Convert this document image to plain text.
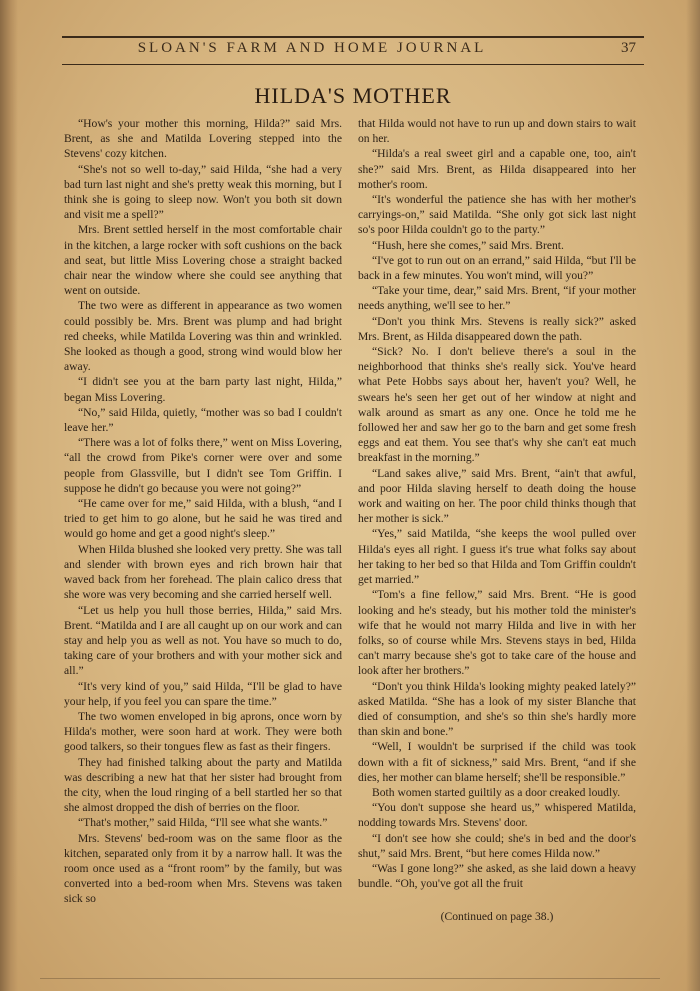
SLOAN'S FARM AND HOME JOURNAL	37
HILDA'S MOTHER

“How's your mother this morning, Hilda?” said Mrs. Brent, as she and Matilda Lovering stepped into the Stevens' cozy kitchen.

“She's not so well to-day,” said Hilda, “she had a very bad turn last night and she's pretty weak this morning, but I think she is going to sleep now. Won't you both sit down and visit me a spell?”

Mrs. Brent settled herself in the most comfortable chair in the kitchen, a large rocker with soft cushions on the back and seat, but little Miss Lovering chose a straight backed chair near the window where she could see anything that went on outside.

The two were as different in appearance as two women could possibly be. Mrs. Brent was plump and had bright red cheeks, while Matilda Lovering was thin and wrinkled. She looked as though a good, strong wind would blow her away.

“I didn't see you at the barn party last night, Hilda,” began Miss Lovering.

“No,” said Hilda, quietly, “mother was so bad I couldn't leave her.”

“There was a lot of folks there,” went on Miss Lovering, “all the crowd from Pike's corner were over and some people from Glassville, but I didn't see Tom Griffin. I suppose he didn't go because you were not going?”

“He came over for me,” said Hilda, with a blush, “and I tried to get him to go alone, but he said he was tired and would go home and get a good night's sleep.”

When Hilda blushed she looked very pretty. She was tall and slender with brown eyes and rich brown hair that waved back from her forehead. The plain calico dress that she wore was very becoming and she carried herself well.

“Let us help you hull those berries, Hilda,” said Mrs. Brent. “Matilda and I are all caught up on our work and can stay and help you as well as not. You have so much to do, taking care of your brothers and with your mother sick and all.”

“It's very kind of you,” said Hilda, “I'll be glad to have your help, if you feel you can spare the time.”

The two women enveloped in big aprons, once worn by Hilda's mother, were soon hard at work. They were both good talkers, so their tongues flew as fast as their fingers.

They had finished talking about the party and Matilda was describing a new hat that her sister had brought from the city, when the loud ringing of a bell startled her so that she almost dropped the dish of berries on the floor.

“That's mother,” said Hilda, “I'll see what she wants.”

Mrs. Stevens' bed-room was on the same floor as the kitchen, separated only from it by a narrow hall. It was the room once used as a “front room” by the family, but was converted into a bed-room when Mrs. Stevens was taken sick so

that Hilda would not have to run up and down stairs to wait on her.

“Hilda's a real sweet girl and a capable one, too, ain't she?” said Mrs. Brent, as Hilda disappeared into her mother's room.

“It's wonderful the patience she has with her mother's carryings-on,” said Matilda. “She only got sick last night so's poor Hilda couldn't go to the party.”

“Hush, here she comes,” said Mrs. Brent.

“I've got to run out on an errand,” said Hilda, “but I'll be back in a few minutes. You won't mind, will you?”

“Take your time, dear,” said Mrs. Brent, “if your mother needs anything, we'll see to her.”

“Don't you think Mrs. Stevens is really sick?” asked Mrs. Brent, as Hilda disappeared down the path.

“Sick? No. I don't believe there's a soul in the neighborhood that thinks she's really sick. You've heard what Pete Hobbs says about her, haven't you? Well, he swears he's seen her get out of her window at night and walk around as smart as any one. Once he told me he followed her and saw her go to the barn and get some fresh eggs and eat them. You see that's why she can't eat much breakfast in the morning.”

“Land sakes alive,” said Mrs. Brent, “ain't that awful, and poor Hilda slaving herself to death doing the house work and waiting on her. The poor child thinks though that her mother is sick.”

“Yes,” said Matilda, “she keeps the wool pulled over Hilda's eyes all right. I guess it's true what folks say about her taking to her bed so that Hilda and Tom Griffin couldn't get married.”

“Tom's a fine fellow,” said Mrs. Brent. “He is good looking and he's steady, but his mother told the minister's wife that he would not marry Hilda and live in with her folks, so of course while Mrs. Stevens stays in bed, Hilda can't marry because she's got to take care of the house and look after her brothers.”

“Don't you think Hilda's looking mighty peaked lately?” asked Matilda. “She has a look of my sister Blanche that died of consumption, and she's so thin she's hardly more than skin and bone.”

“Well, I wouldn't be surprised if the child was took down with a fit of sickness,” said Mrs. Brent, “and if she dies, her mother can blame herself; she'll be responsible.”

Both women started guiltily as a door creaked loudly.

“You don't suppose she heard us,” whispered Matilda, nodding towards Mrs. Stevens' door.

“I don't see how she could; she's in bed and the door's shut,” said Mrs. Brent, “but here comes Hilda now.”

“Was I gone long?” she asked, as she laid down a heavy bundle. “Oh, you've got all the fruit

(Continued on page 38.)
